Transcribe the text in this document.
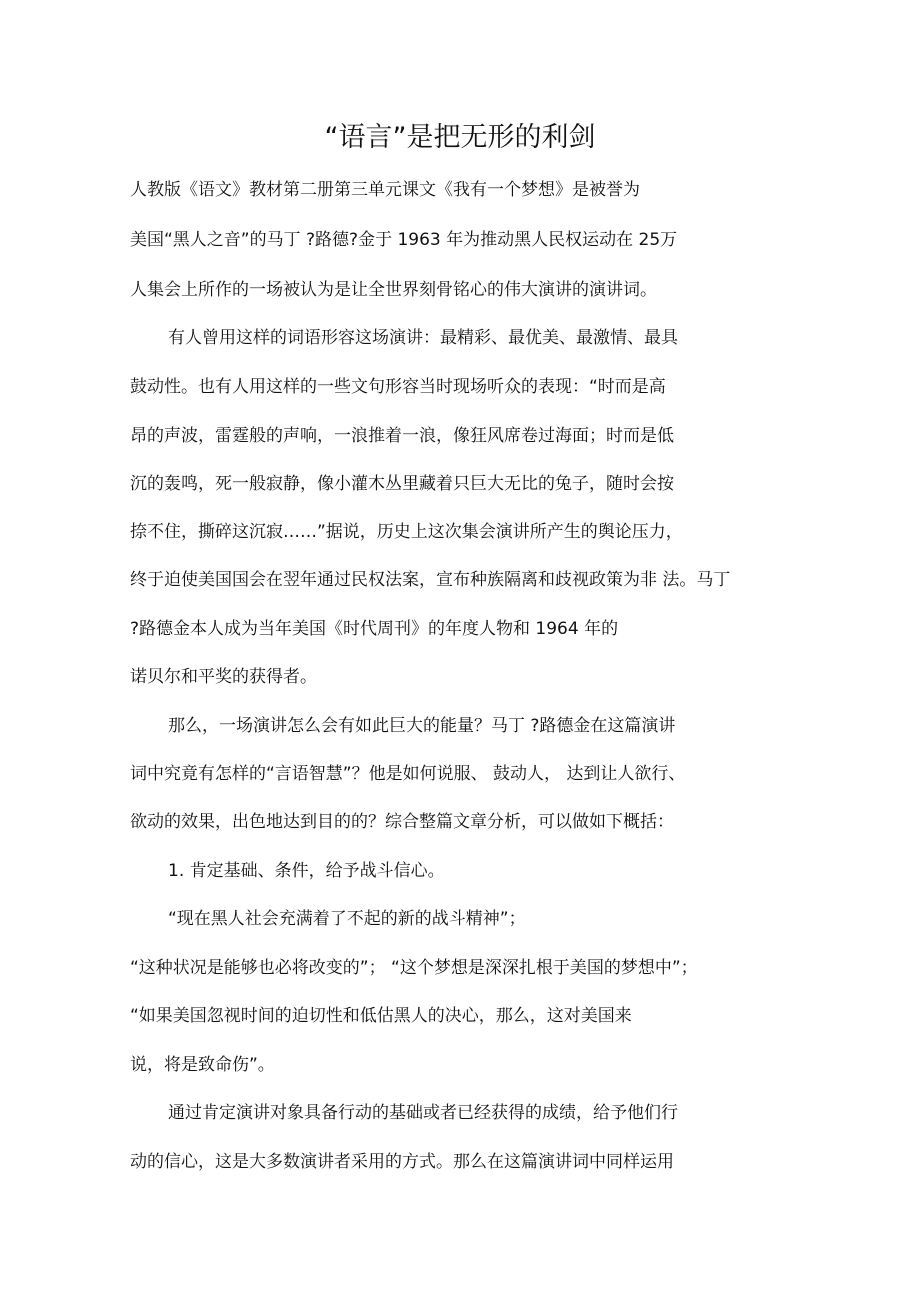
“语言”是把无形的利剑
人教版《语文》教材第二册第三单元课文《我有一个梦想》是被誉为
美国“黑人之音”的马丁 ?路德?金于 1963 年为推动黑人民权运动在 25万
人集会上所作的一场被认为是让全世界刻骨铭心的伟大演讲的演讲词。
有人曾用这样的词语形容这场演讲：最精彩、最优美、最激情、最具
鼓动性。也有人用这样的一些文句形容当时现场听众的表现：“时而是高
昂的声波，雷霆般的声响，一浪推着一浪，像狂风席卷过海面；时而是低
沉的轰鸣，死一般寂静，像小灌木丛里藏着只巨大无比的兔子，随时会按
捺不住，撕碎这沉寂……”据说，历史上这次集会演讲所产生的舆论压力，
终于迫使美国国会在翌年通过民权法案，宣布种族隔离和歧视政策为非 法。马丁
?路德金本人成为当年美国《时代周刊》的年度人物和 1964 年的
诺贝尔和平奖的获得者。
那么，一场演讲怎么会有如此巨大的能量？马丁 ?路德金在这篇演讲
词中究竟有怎样的“言语智慧”？他是如何说服、 鼓动人， 达到让人欲行、
欲动的效果，出色地达到目的的？综合整篇文章分析，可以做如下概括：
1. 肯定基础、条件，给予战斗信心。
“现在黑人社会充满着了不起的新的战斗精神”；
“这种状况是能够也必将改变的”； “这个梦想是深深扎根于美国的梦想中”；
“如果美国忽视时间的迫切性和低估黑人的决心，那么，这对美国来
说，将是致命伤”。
通过肯定演讲对象具备行动的基础或者已经获得的成绩，给予他们行
动的信心，这是大多数演讲者采用的方式。那么在这篇演讲词中同样运用
